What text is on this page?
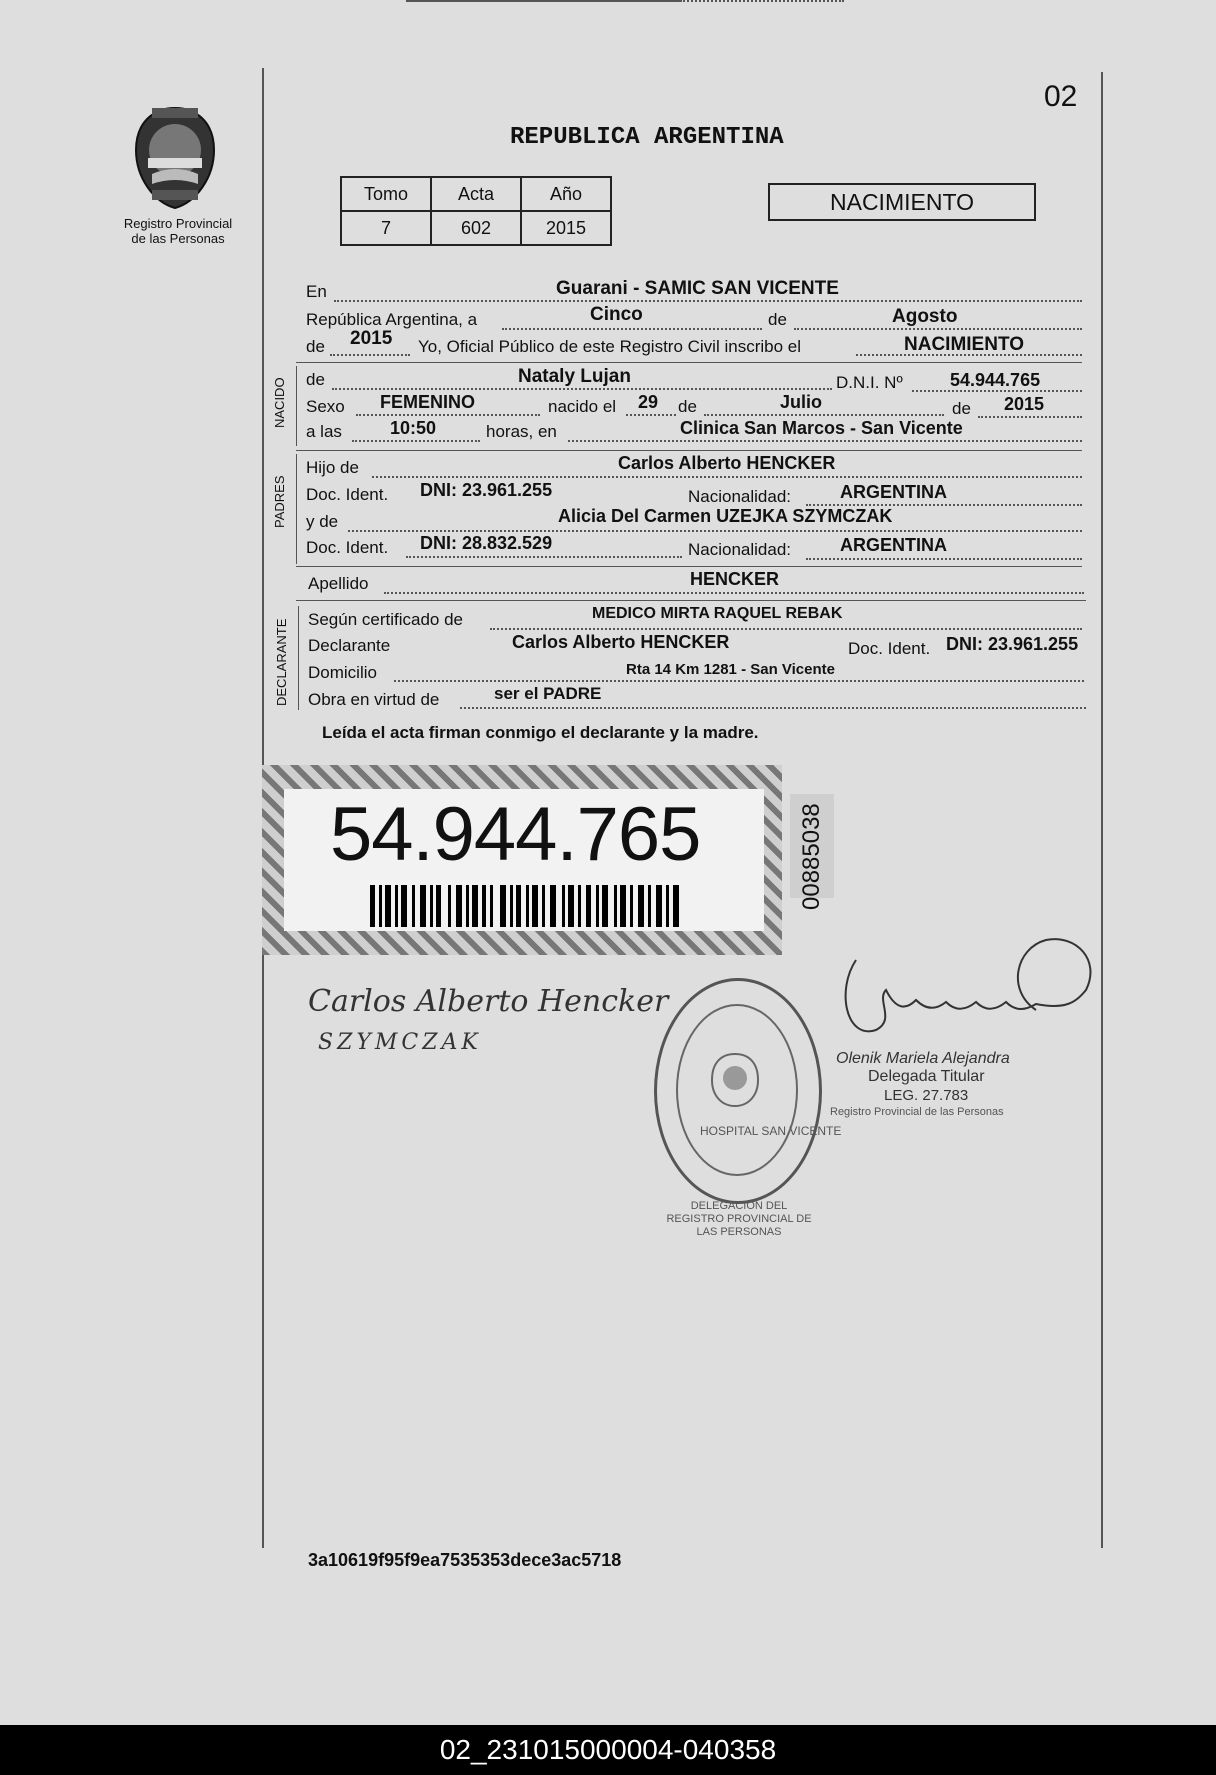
02
Registro Provincial
de las Personas
REPUBLICA ARGENTINA
Tomo	Acta	Año
7	602	2015
NACIMIENTO
En	Guarani - SAMIC SAN VICENTE
República Argentina, a	Cinco	de	Agosto
de 2015 Yo, Oficial Público de este Registro Civil inscribo el	NACIMIENTO
NACIDO de	Nataly Lujan	D.N.I. Nº	54.944.765
Sexo FEMENINO	nacido el 29 de	Julio	de 2015
a las	10:50	horas, en	Clinica San Marcos - San Vicente
PADRES
Hijo de	Carlos Alberto HENCKER
Doc. Ident. DNI: 23.961.255	Nacionalidad:	ARGENTINA
y de	Alicia Del Carmen UZEJKA SZYMCZAK
Doc. Ident. DNI: 28.832.529	Nacionalidad:	ARGENTINA
Apellido	HENCKER
DECLARANTE Según certificado de	MEDICO MIRTA RAQUEL REBAK
Declarante	Carlos Alberto HENCKER	Doc. Ident. DNI: 23.961.255
Domicilio	Rta 14 Km 1281 - San Vicente
Obra en virtud de	ser el PADRE
Leída el acta firman conmigo el declarante y la madre.
54.944.765	00885038
Carlos Alberto Hencker
SZYMCZAK
DELEGACION DEL REGISTRO PROVINCIAL DE LAS PERSONAS
HOSPITAL SAN VICENTE
Olenik Mariela Alejandra
Delegada Titular
LEG. 27.783
Registro Provincial de las Personas
3a10619f95f9ea7535353dece3ac5718
02_231015000004-040358
